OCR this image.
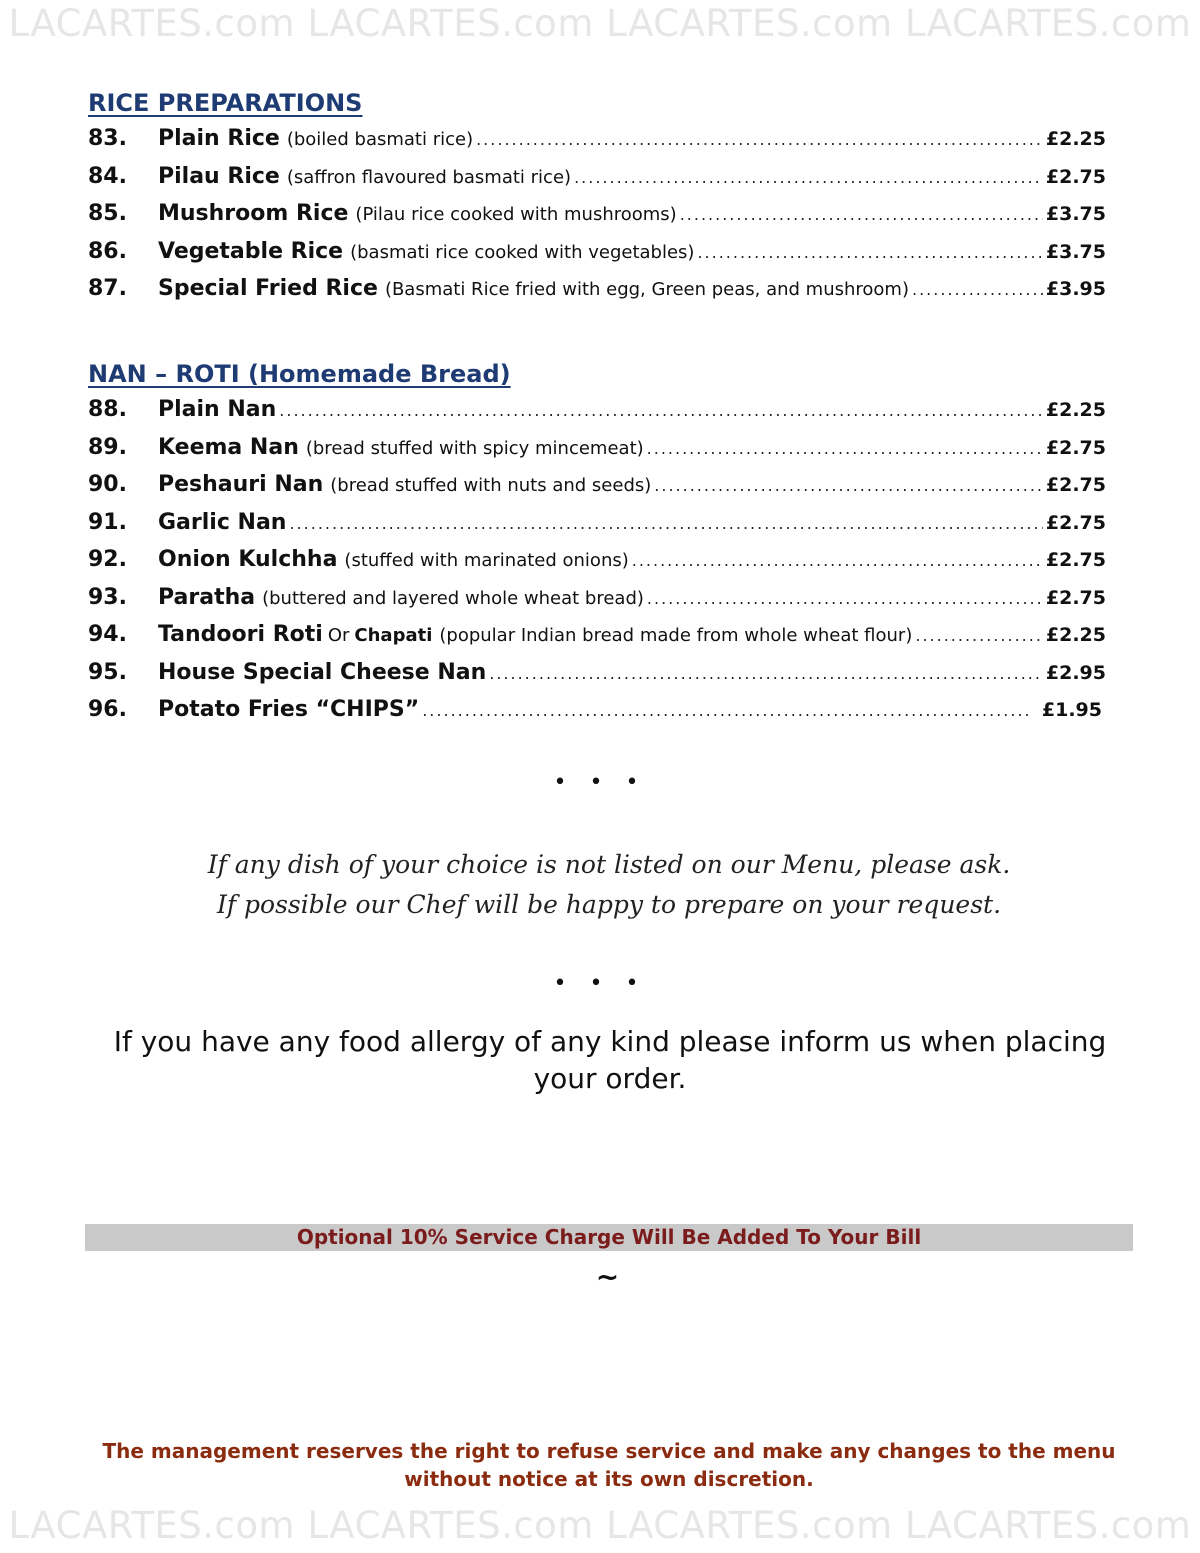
LACARTES.com LACARTES.com LACARTES.com LACARTES.com
RICE PREPARATIONS
83.	Plain Rice (boiled basmati rice) .....	£2.25
84.	Pilau Rice (saffron flavoured basmati rice) .....	£2.75
85.	Mushroom Rice (Pilau rice cooked with mushrooms) .....	£3.75
86.	Vegetable Rice (basmati rice cooked with vegetables) .....	£3.75
87.	Special Fried Rice (Basmati Rice fried with egg, Green peas, and mushroom) .....	£3.95
NAN – ROTI (Homemade Bread)
88.	Plain Nan .....	£2.25
89.	Keema Nan (bread stuffed with spicy mincemeat) .....	£2.75
90.	Peshauri Nan (bread stuffed with nuts and seeds) .....	£2.75
91.	Garlic Nan .....	£2.75
92.	Onion Kulchha (stuffed with marinated onions) .....	£2.75
93.	Paratha (buttered and layered whole wheat bread) .....	£2.75
94.	Tandoori Roti Or Chapati (popular Indian bread made from whole wheat flour) .....	£2.25
95.	House Special Cheese Nan .....	£2.95
96.	Potato Fries “CHIPS” .....	£1.95
• • •
If any dish of your choice is not listed on our Menu, please ask.
If possible our Chef will be happy to prepare on your request.
• • •
If you have any food allergy of any kind please inform us when placing your order.
Optional 10% Service Charge Will Be Added To Your Bill
~
The management reserves the right to refuse service and make any changes to the menu
without notice at its own discretion.
LACARTES.com LACARTES.com LACARTES.com LACARTES.com
